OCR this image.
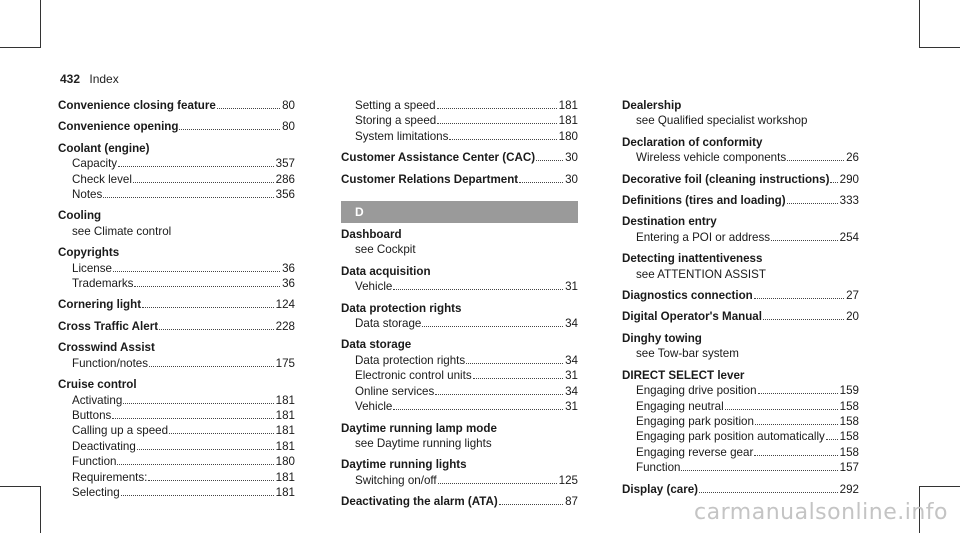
432 Index
Convenience closing feature	80
Convenience opening	80
Coolant (engine)
Capacity	357
Check level	286
Notes	356
Cooling
see Climate control
Copyrights
License	36
Trademarks	36
Cornering light	124
Cross Traffic Alert	228
Crosswind Assist
Function/notes	175
Cruise control
Activating	181
Buttons	181
Calling up a speed	181
Deactivating	181
Function	180
Requirements:	181
Selecting	181
Setting a speed	181
Storing a speed	181
System limitations	180
Customer Assistance Center (CAC)	30
Customer Relations Department	30
D
Dashboard
see Cockpit
Data acquisition
Vehicle	31
Data protection rights
Data storage	34
Data storage
Data protection rights	34
Electronic control units	31
Online services	34
Vehicle	31
Daytime running lamp mode
see Daytime running lights
Daytime running lights
Switching on/off	125
Deactivating the alarm (ATA)	87
Dealership
see Qualified specialist workshop
Declaration of conformity
Wireless vehicle components	26
Decorative foil (cleaning instructions) 290
Definitions (tires and loading)	333
Destination entry
Entering a POI or address	254
Detecting inattentiveness
see ATTENTION ASSIST
Diagnostics connection	27
Digital Operator's Manual	20
Dinghy towing
see Tow-bar system
DIRECT SELECT lever
Engaging drive position	159
Engaging neutral	158
Engaging park position	158
Engaging park position automatically 158
Engaging reverse gear	158
Function	157
Display (care)	292
carmanualsonline.info
